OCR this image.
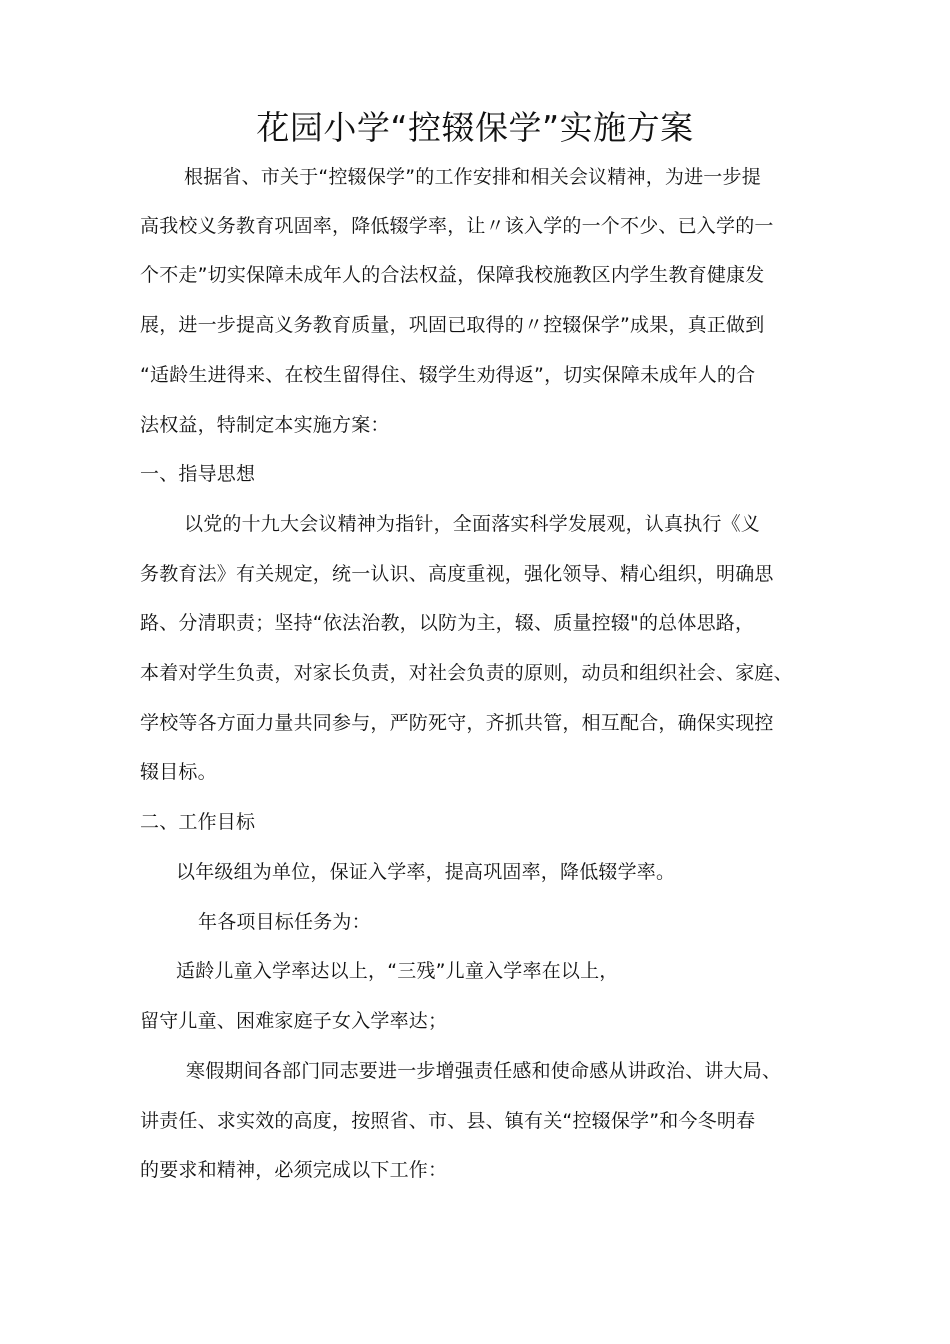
花园小学“控辍保学”实施方案
根据省、市关于“控辍保学”的工作安排和相关会议精神，为进一步提
高我校义务教育巩固率，降低辍学率，让〃该入学的一个不少、已入学的一
个不走”切实保障未成年人的合法权益，保障我校施教区内学生教育健康发
展，进一步提高义务教育质量，巩固已取得的〃控辍保学”成果，真正做到
“适龄生进得来、在校生留得住、辍学生劝得返”，切实保障未成年人的合
法权益，特制定本实施方案：
一、指导思想
以党的十九大会议精神为指针，全面落实科学发展观，认真执行《义
务教育法》有关规定，统一认识、高度重视，强化领导、精心组织，明确思
路、分清职责；坚持“依法治教，以防为主，辍、质量控辍"的总体思路，
本着对学生负责，对家长负责，对社会负责的原则，动员和组织社会、家庭、
学校等各方面力量共同参与，严防死守，齐抓共管，相互配合，确保实现控
辍目标。
二、工作目标
以年级组为单位，保证入学率，提高巩固率，降低辍学率。
年各项目标任务为：
适龄儿童入学率达以上，“三残”儿童入学率在以上，
留守儿童、困难家庭子女入学率达；
寒假期间各部门同志要进一步增强责任感和使命感从讲政治、讲大局、
讲责任、求实效的高度，按照省、市、县、镇有关“控辍保学”和今冬明春
的要求和精神，必须完成以下工作：
